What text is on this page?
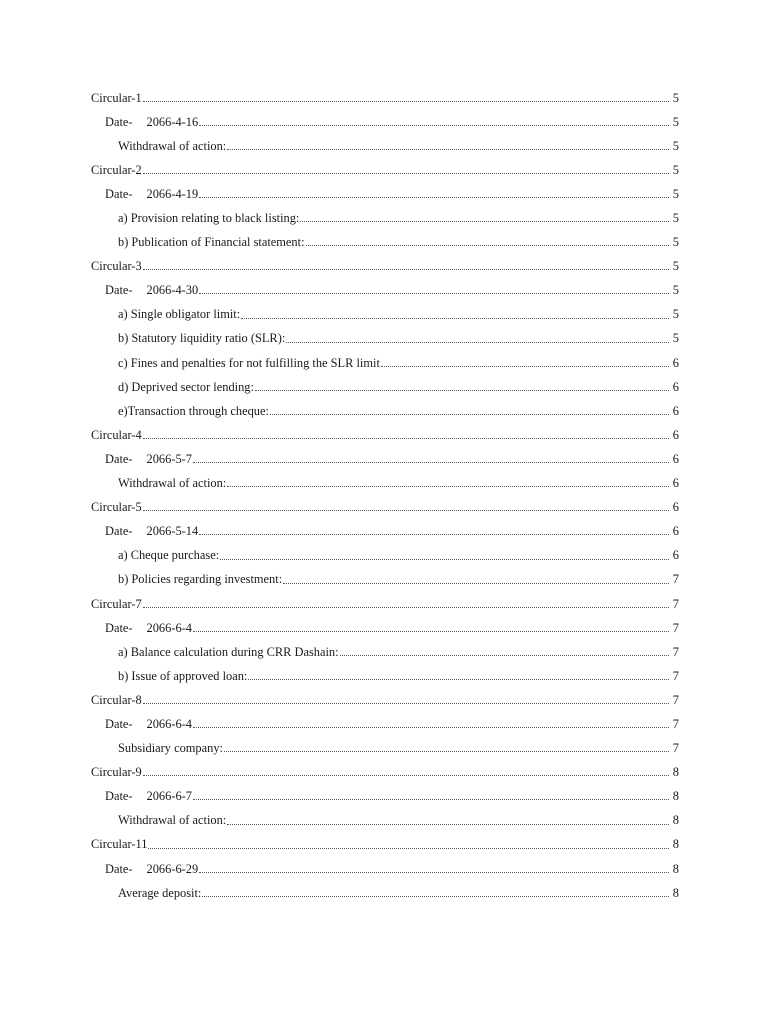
Circular-1	5
Date- 2066-4-16	5
Withdrawal of action:	5
Circular-2	5
Date- 2066-4-19	5
a) Provision relating to black listing:	5
b) Publication of Financial statement:	5
Circular-3	5
Date- 2066-4-30	5
a) Single obligator limit:	5
b) Statutory liquidity ratio (SLR):	5
c) Fines and penalties for not fulfilling the SLR limit	6
d) Deprived sector lending:	6
e)Transaction through cheque:	6
Circular-4	6
Date- 2066-5-7	6
Withdrawal of action:	6
Circular-5	6
Date- 2066-5-14	6
a) Cheque purchase:	6
b) Policies regarding investment:	7
Circular-7	7
Date- 2066-6-4	7
a) Balance calculation during CRR Dashain:	7
b) Issue of approved loan:	7
Circular-8	7
Date- 2066-6-4	7
Subsidiary company:	7
Circular-9	8
Date- 2066-6-7	8
Withdrawal of action:	8
Circular-11	8
Date- 2066-6-29	8
Average deposit:	8
